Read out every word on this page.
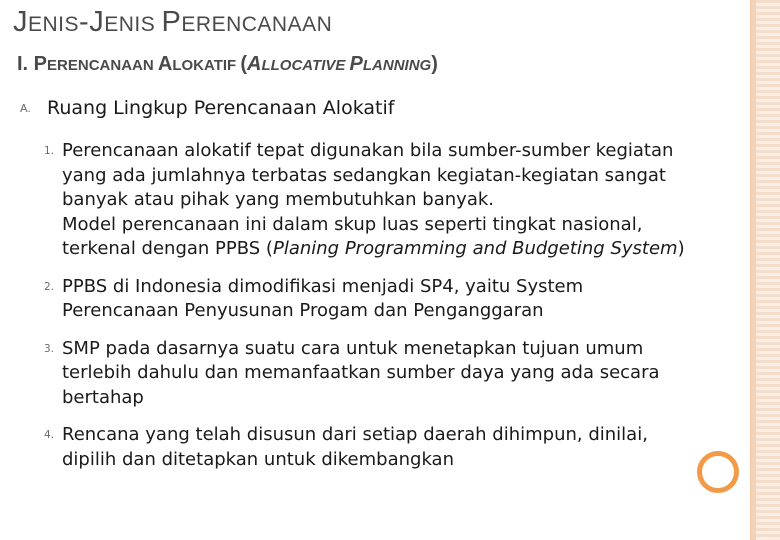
JENIS-JENIS PERENCANAAN
I. PERENCANAAN ALOKATIF (ALLOCATIVE PLANNING)
A. Ruang Lingkup Perencanaan Alokatif
1. Perencanaan alokatif tepat digunakan bila sumber-sumber kegiatan
yang ada jumlahnya terbatas sedangkan kegiatan-kegiatan sangat
banyak atau pihak yang membutuhkan banyak.
Model perencanaan ini dalam skup luas seperti tingkat nasional,
terkenal dengan PPBS (Planing Programming and Budgeting System)
2. PPBS di Indonesia dimodifikasi menjadi SP4, yaitu System
Perencanaan Penyusunan Progam dan Penganggaran
3. SMP pada dasarnya suatu cara untuk menetapkan tujuan umum
terlebih dahulu dan memanfaatkan sumber daya yang ada secara
bertahap
4. Rencana yang telah disusun dari setiap daerah dihimpun, dinilai,
dipilih dan ditetapkan untuk dikembangkan
